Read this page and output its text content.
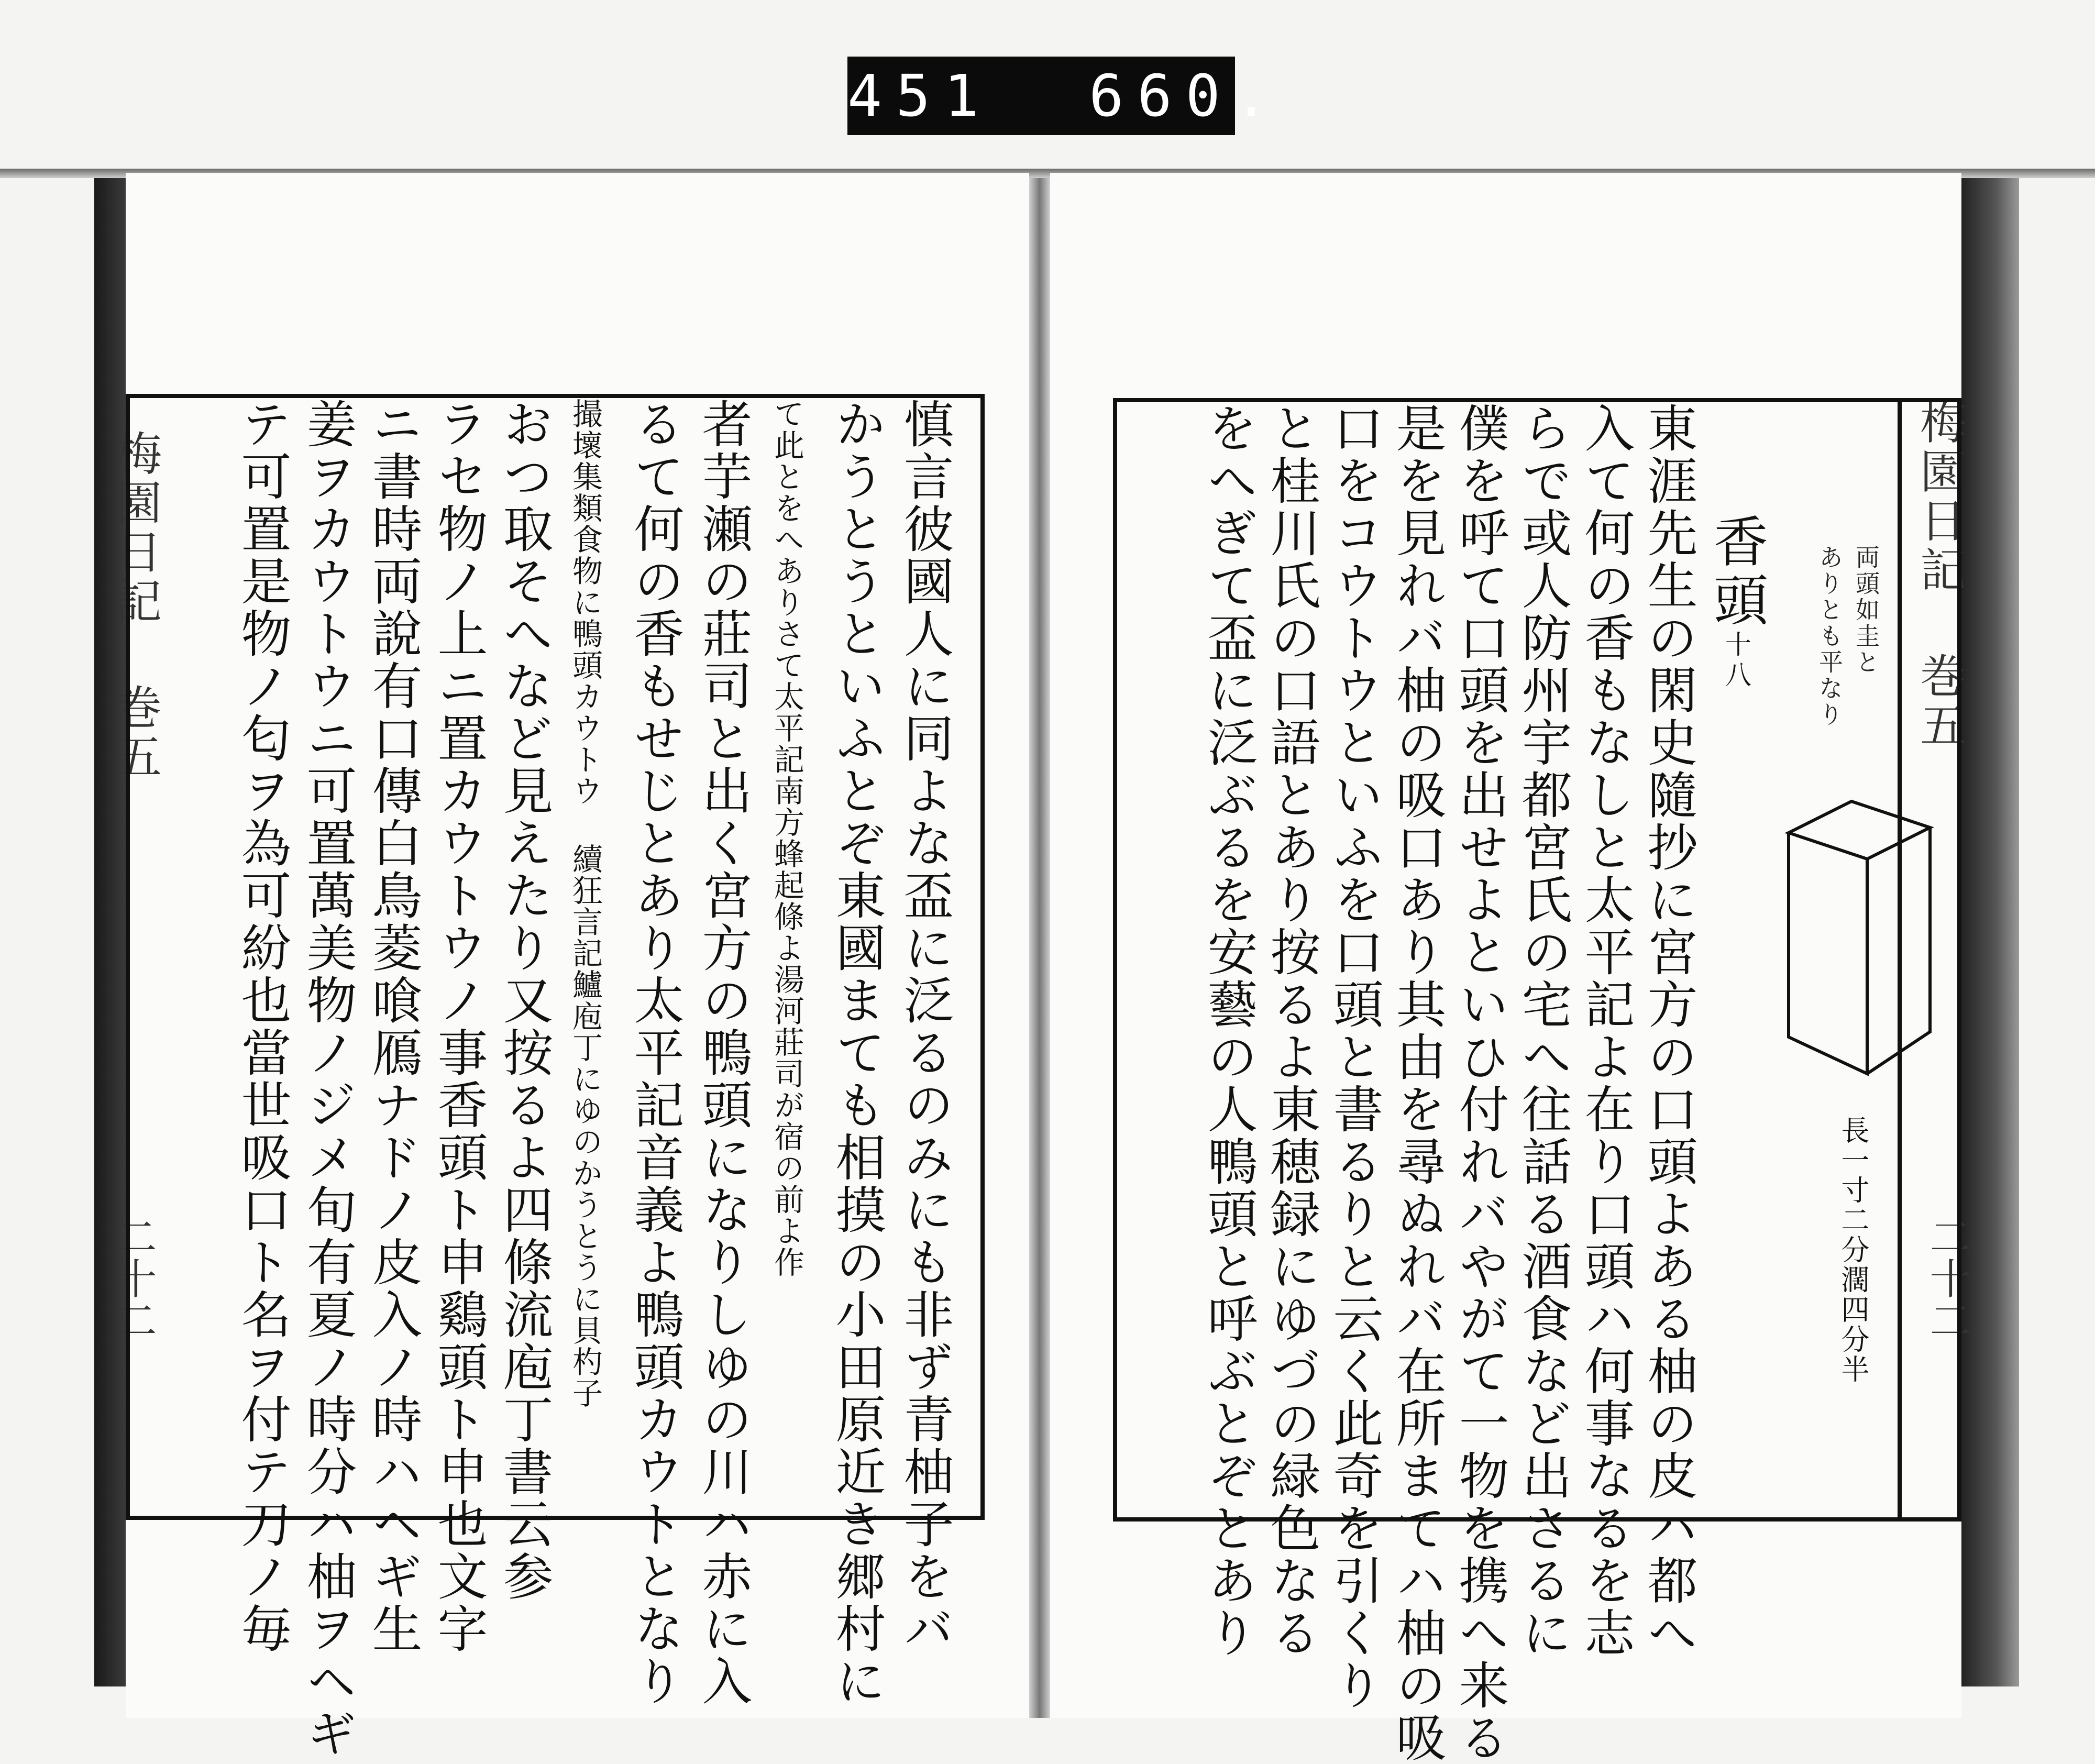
451  660.
梅園日記 巻五	梅園日記 巻五
二十二	二十二
東涯先生の閑史隨抄に宮方の口頭よある柚の皮ハ都へ
入て何の香もなしと太平記よ在り口頭ハ何事なるを志
らで或人防州宇都宮氏の宅へ往話る酒食など出さるに
僕を呼て口頭を出せよといひ付れバやがて一物を携へ来る
是を見れバ柚の吸口あり其由を尋ぬれバ在所まてハ柚の吸
口をコウトウといふを口頭と書るりと云く此奇を引くり
と桂川氏の口語とあり按るよ東穂録にゆづの緑色なる
をへぎて盃に泛ぶるを安藝の人鴨頭と呼ぶとぞとあり	香頭十八	両頭如圭と
ありとも平なり
長一寸二分濶四分半
慎言彼國人に同よな盃に泛るのみにも非ず青柚子をバ
かうとうといふとぞ東國まても相摸の小田原近き郷村に
て此とをへありさて太平記南方蜂起條よ湯河莊司が宿の前よ作
者芋瀬の莊司と出く宮方の鴨頭になりしゆの川ハ赤に入
るて何の香もせじとあり太平記音義よ鴨頭カウトとなり
撮壞集類食物に鴨頭カウトウ 續狂言記鱸庖丁にゆのかうとうに貝杓子
おつ取そへなど見えたり又按るよ四條流庖丁書云参
ラセ物ノ上ニ置カウトウノ事香頭ト申鷄頭ト申也文字
ニ書時両說有口傳白鳥菱喰鴈ナドノ皮入ノ時ハヘギ生
姜ヲカウトウニ可置萬美物ノジメ旬有夏ノ時分ハ柚ヲヘギ
テ可置是物ノ匂ヲ為可紛也當世吸口ト名ヲ付テ刀ノ毎
